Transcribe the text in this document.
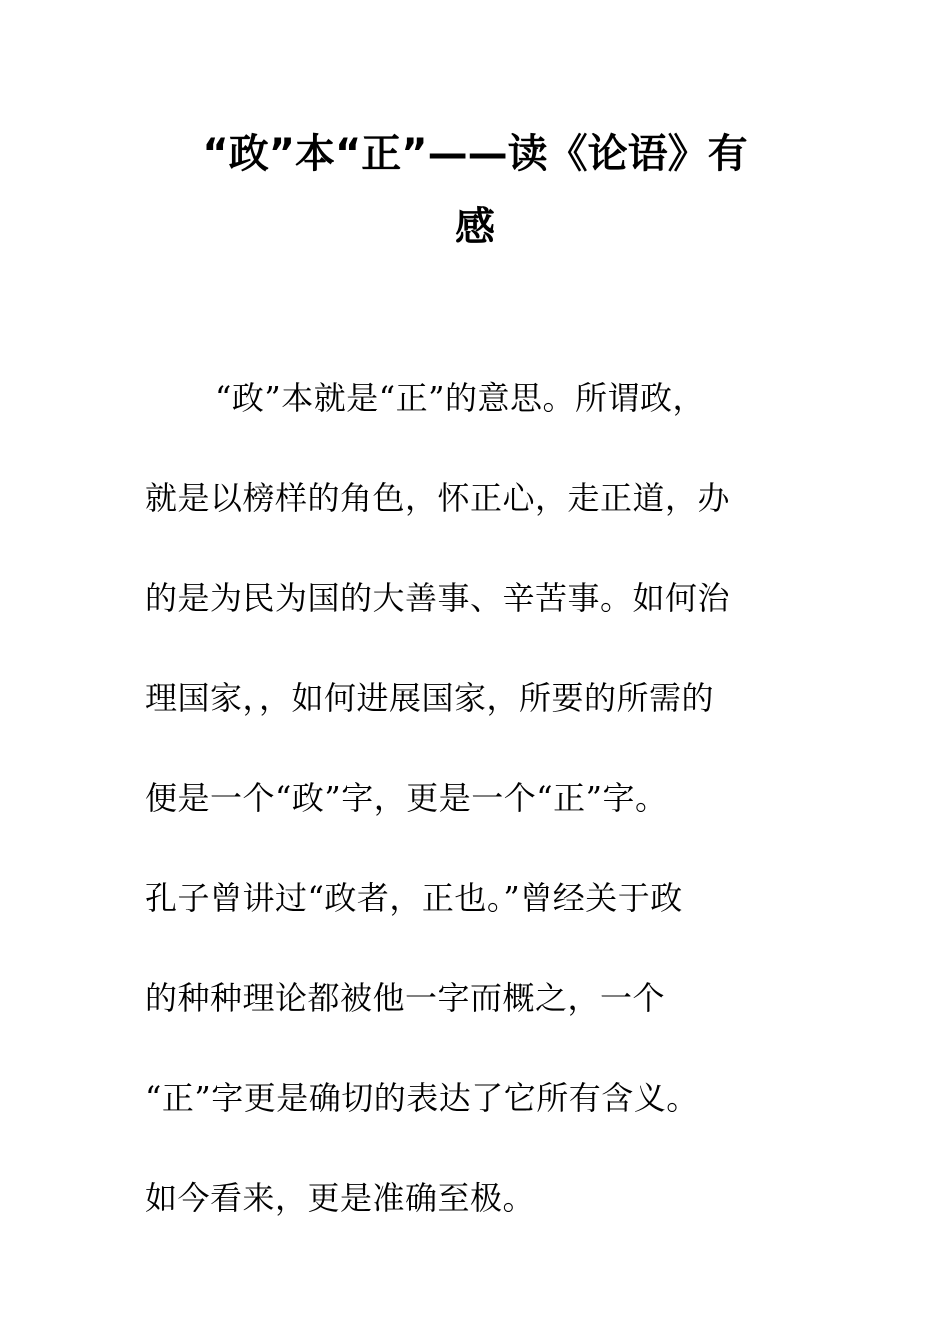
“政”本“正”——读《论语》有
感
“政”本就是“正”的意思。所谓政，
就是以榜样的角色，怀正心，走正道，办
的是为民为国的大善事、辛苦事。如何治
理国家，，如何进展国家，所要的所需的
便是一个“政”字，更是一个“正”字。
孔子曾讲过“政者，正也。”曾经关于政
的种种理论都被他一字而概之，一个
“正”字更是确切的表达了它所有含义。
如今看来，更是准确至极。
